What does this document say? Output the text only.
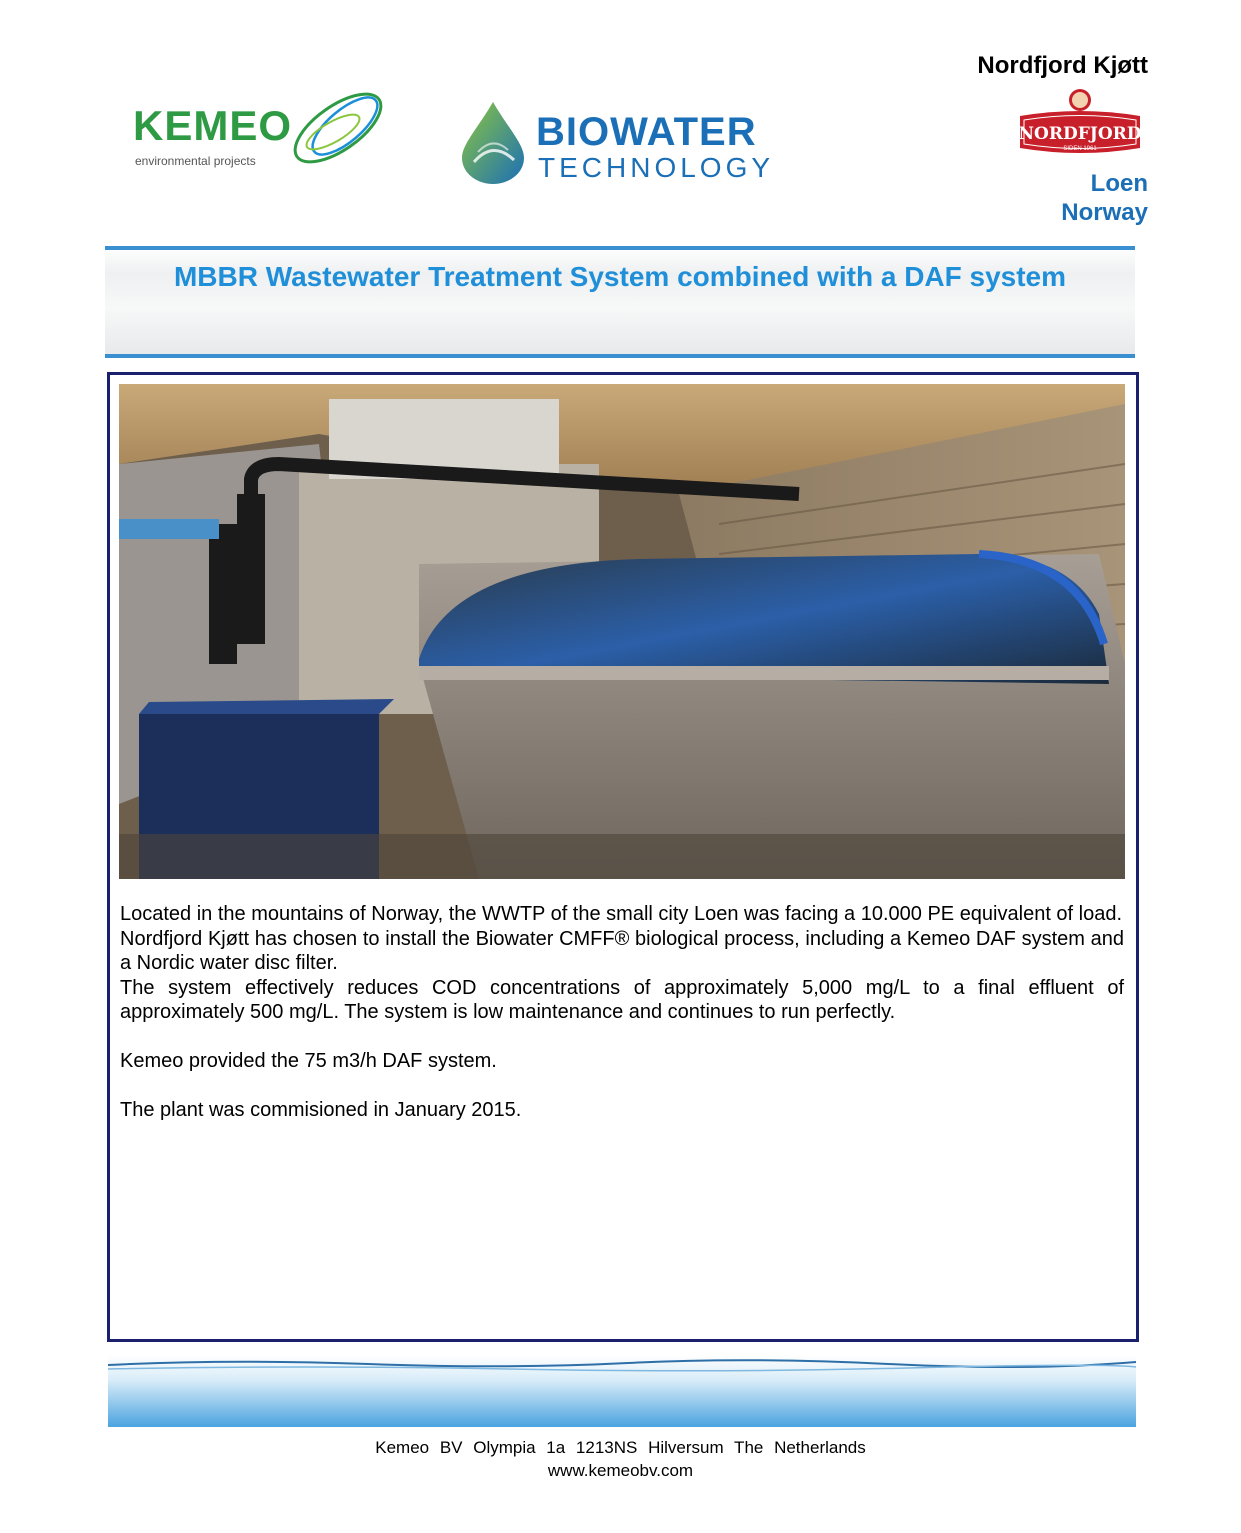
KEMEO
environmental projects
BIOWATER
TECHNOLOGY
Nordfjord Kjøtt
NORDFJORD
SIDEN 1961
Loen
Norway
MBBR Wastewater Treatment System combined with a DAF system

Located in the mountains of Norway, the WWTP of the small city Loen was facing a 10.000 PE equivalent of load.

Nordfjord Kjøtt has chosen to install the Biowater CMFF® biological process, including a Kemeo DAF system and a Nordic water disc filter.

The system effectively reduces COD concentrations of approximately 5,000 mg/L to a final effluent of approximately 500 mg/L. The system is low maintenance and continues to run perfectly.

Kemeo provided the 75 m3/h DAF system.

The plant was commisioned in January 2015.

Kemeo BV Olympia 1a 1213NS Hilversum The Netherlands
www.kemeobv.com
